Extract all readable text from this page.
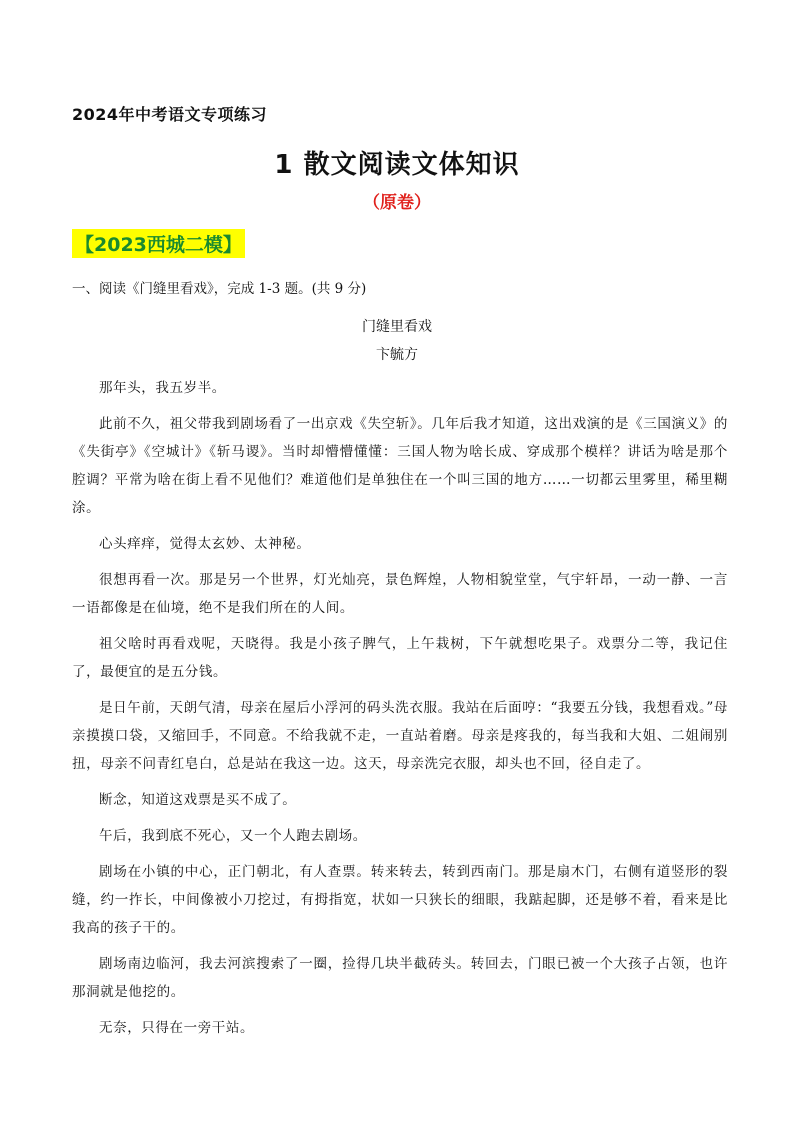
2024年中考语文专项练习
1 散文阅读文体知识
（原卷）
【2023西城二模】
一、阅读《门缝里看戏》，完成 1-3 题。(共 9 分)
门缝里看戏
卞毓方

那年头，我五岁半。

此前不久，祖父带我到剧场看了一出京戏《失空斩》。几年后我才知道，这出戏演的是《三国演义》的《失街亭》《空城计》《斩马谡》。当时却懵懵懂懂：三国人物为啥长成、穿成那个模样？讲话为啥是那个腔调？平常为啥在街上看不见他们？难道他们是单独住在一个叫三国的地方……一切都云里雾里，稀里糊涂。

心头痒痒，觉得太玄妙、太神秘。

很想再看一次。那是另一个世界，灯光灿亮，景色辉煌，人物相貌堂堂，气宇轩昂，一动一静、一言一语都像是在仙境，绝不是我们所在的人间。

祖父啥时再看戏呢，天晓得。我是小孩子脾气，上午栽树，下午就想吃果子。戏票分二等，我记住了，最便宜的是五分钱。

是日午前，天朗气清，母亲在屋后小浮河的码头洗衣服。我站在后面哼：“我要五分钱，我想看戏。”母亲摸摸口袋，又缩回手，不同意。不给我就不走，一直站着磨。母亲是疼我的，每当我和大姐、二姐闹别扭，母亲不问青红皂白，总是站在我这一边。这天，母亲洗完衣服，却头也不回，径自走了。

断念，知道这戏票是买不成了。

午后，我到底不死心，又一个人跑去剧场。

剧场在小镇的中心，正门朝北，有人查票。转来转去，转到西南门。那是扇木门，右侧有道竖形的裂缝，约一拃长，中间像被小刀挖过，有拇指宽，状如一只狭长的细眼，我踮起脚，还是够不着，看来是比我高的孩子干的。

剧场南边临河，我去河滨搜索了一圈，捡得几块半截砖头。转回去，门眼已被一个大孩子占领，也许那洞就是他挖的。

无奈，只得在一旁干站。
